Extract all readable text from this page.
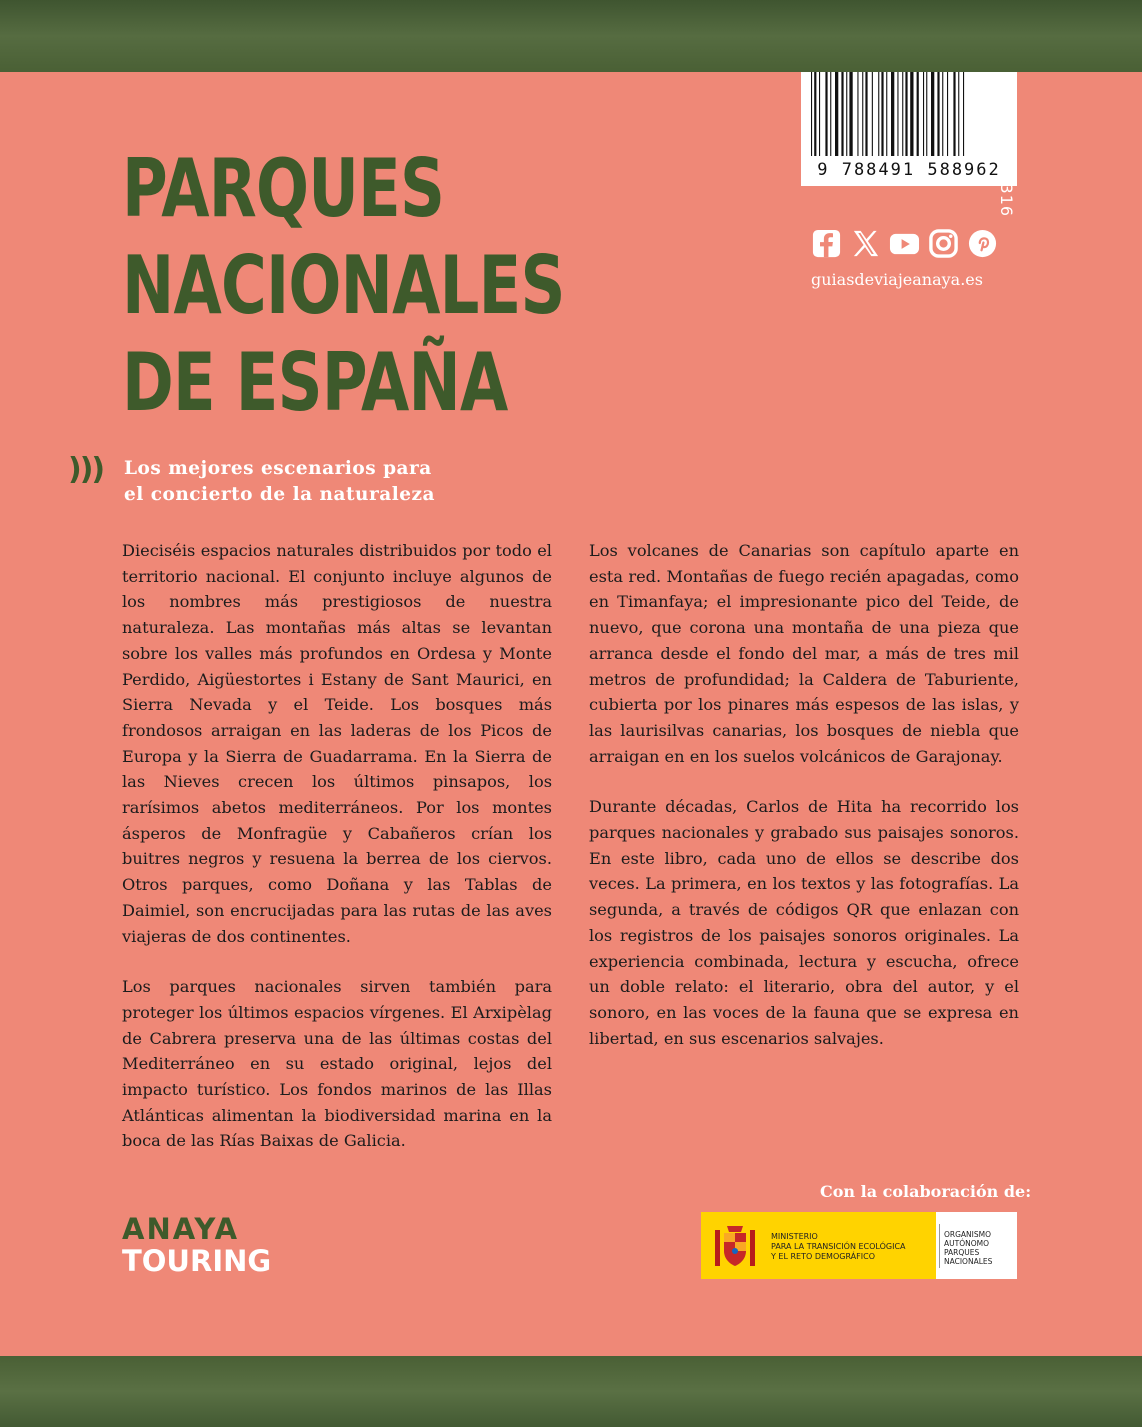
9 788491 588962
599316
guiasdeviajeanaya.es
PARQUES
NACIONALES
DE ESPAÑA
))) Los mejores escenarios para
el concierto de la naturaleza

Dieciséis espacios naturales distribuidos por todo el territorio nacional. El conjunto incluye algunos de los nombres más prestigiosos de nuestra naturaleza. Las montañas más altas se levantan sobre los valles más profundos en Ordesa y Monte Perdido, Aigüestortes i Estany de Sant Maurici, en Sierra Nevada y el Teide. Los bosques más frondosos arraigan en las laderas de los Picos de Europa y la Sierra de Guadarrama. En la Sierra de las Nieves crecen los últimos pinsapos, los rarísimos abetos mediterráneos. Por los montes ásperos de Monfragüe y Cabañeros crían los buitres negros y resuena la berrea de los ciervos. Otros parques, como Doñana y las Tablas de Daimiel, son encrucijadas para las rutas de las aves viajeras de dos continentes.

Los parques nacionales sirven también para proteger los últimos espacios vírgenes. El Arxipèlag de Cabrera preserva una de las últimas costas del Mediterráneo en su estado original, lejos del impacto turístico. Los fondos marinos de las Illas Atlánticas alimentan la biodiversidad marina en la boca de las Rías Baixas de Galicia.

Los volcanes de Canarias son capítulo aparte en esta red. Montañas de fuego recién apagadas, como en Timanfaya; el impresionante pico del Teide, de nuevo, que corona una montaña de una pieza que arranca desde el fondo del mar, a más de tres mil metros de profundidad; la Caldera de Taburiente, cubierta por los pinares más espesos de las islas, y las laurisilvas canarias, los bosques de niebla que arraigan en en los suelos volcánicos de Garajonay.

Durante décadas, Carlos de Hita ha recorrido los parques nacionales y grabado sus paisajes sonoros. En este libro, cada uno de ellos se describe dos veces. La primera, en los textos y las fotografías. La segunda, a través de códigos QR que enlazan con los registros de los paisajes sonoros originales. La experiencia combinada, lectura y escucha, ofrece un doble relato: el literario, obra del autor, y el sonoro, en las voces de la fauna que se expresa en libertad, en sus escenarios salvajes.

ANAYA
TOURING
Con la colaboración de:
MINISTERIO
PARA LA TRANSICIÓN ECOLÓGICA
Y EL RETO DEMOGRÁFICO
ORGANISMO
AUTÓNOMO
PARQUES
NACIONALES
